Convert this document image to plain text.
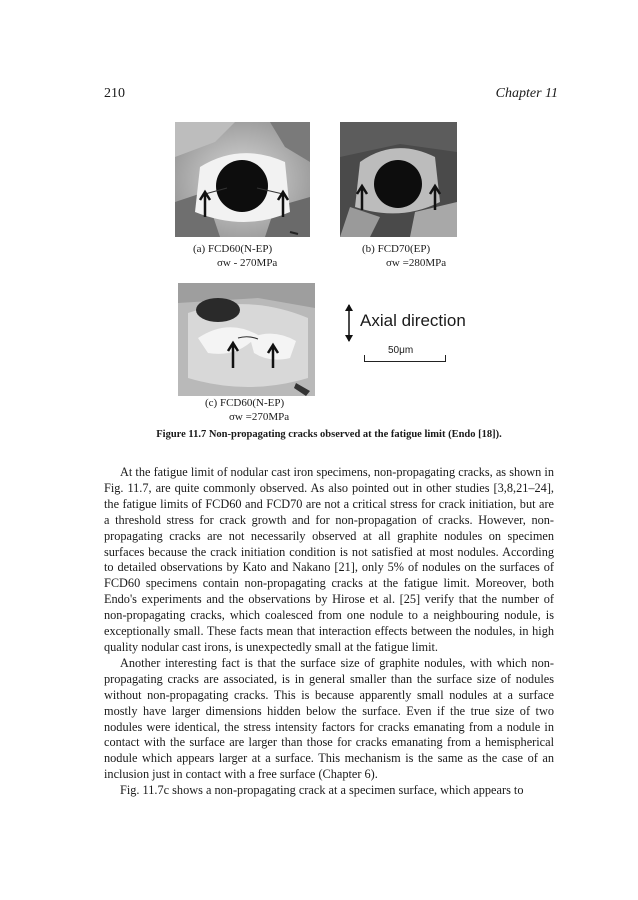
210	Chapter 11
(a) FCD60(N-EP)
σw - 270MPa
(b) FCD70(EP)
σw =280MPa
(c) FCD60(N-EP)
σw =270MPa
Axial direction
50μm
Figure 11.7 Non-propagating cracks observed at the fatigue limit (Endo [18]).

At the fatigue limit of nodular cast iron specimens, non-propagating cracks, as shown in Fig. 11.7, are quite commonly observed. As also pointed out in other studies [3,8,21–24], the fatigue limits of FCD60 and FCD70 are not a critical stress for crack initiation, but are a threshold stress for crack growth and for non-propagation of cracks. However, non-propagating cracks are not necessarily observed at all graphite nodules on specimen surfaces because the crack initiation condition is not satisfied at most nodules. According to detailed observations by Kato and Nakano [21], only 5% of nodules on the surfaces of FCD60 specimens contain non-propagating cracks at the fatigue limit. Moreover, both Endo's experiments and the observations by Hirose et al. [25] verify that the number of non-propagating cracks, which coalesced from one nodule to a neighbouring nodule, is exceptionally small. These facts mean that interaction effects between the nodules, in high quality nodular cast irons, is unexpectedly small at the fatigue limit.

Another interesting fact is that the surface size of graphite nodules, with which non-propagating cracks are associated, is in general smaller than the surface size of nodules without non-propagating cracks. This is because apparently small nodules at a surface mostly have larger dimensions hidden below the surface. Even if the true size of two nodules were identical, the stress intensity factors for cracks emanating from a nodule in contact with the surface are larger than those for cracks emanating from a hemispherical nodule which appears larger at a surface. This mechanism is the same as the case of an inclusion just in contact with a free surface (Chapter 6).

Fig. 11.7c shows a non-propagating crack at a specimen surface, which appears to
